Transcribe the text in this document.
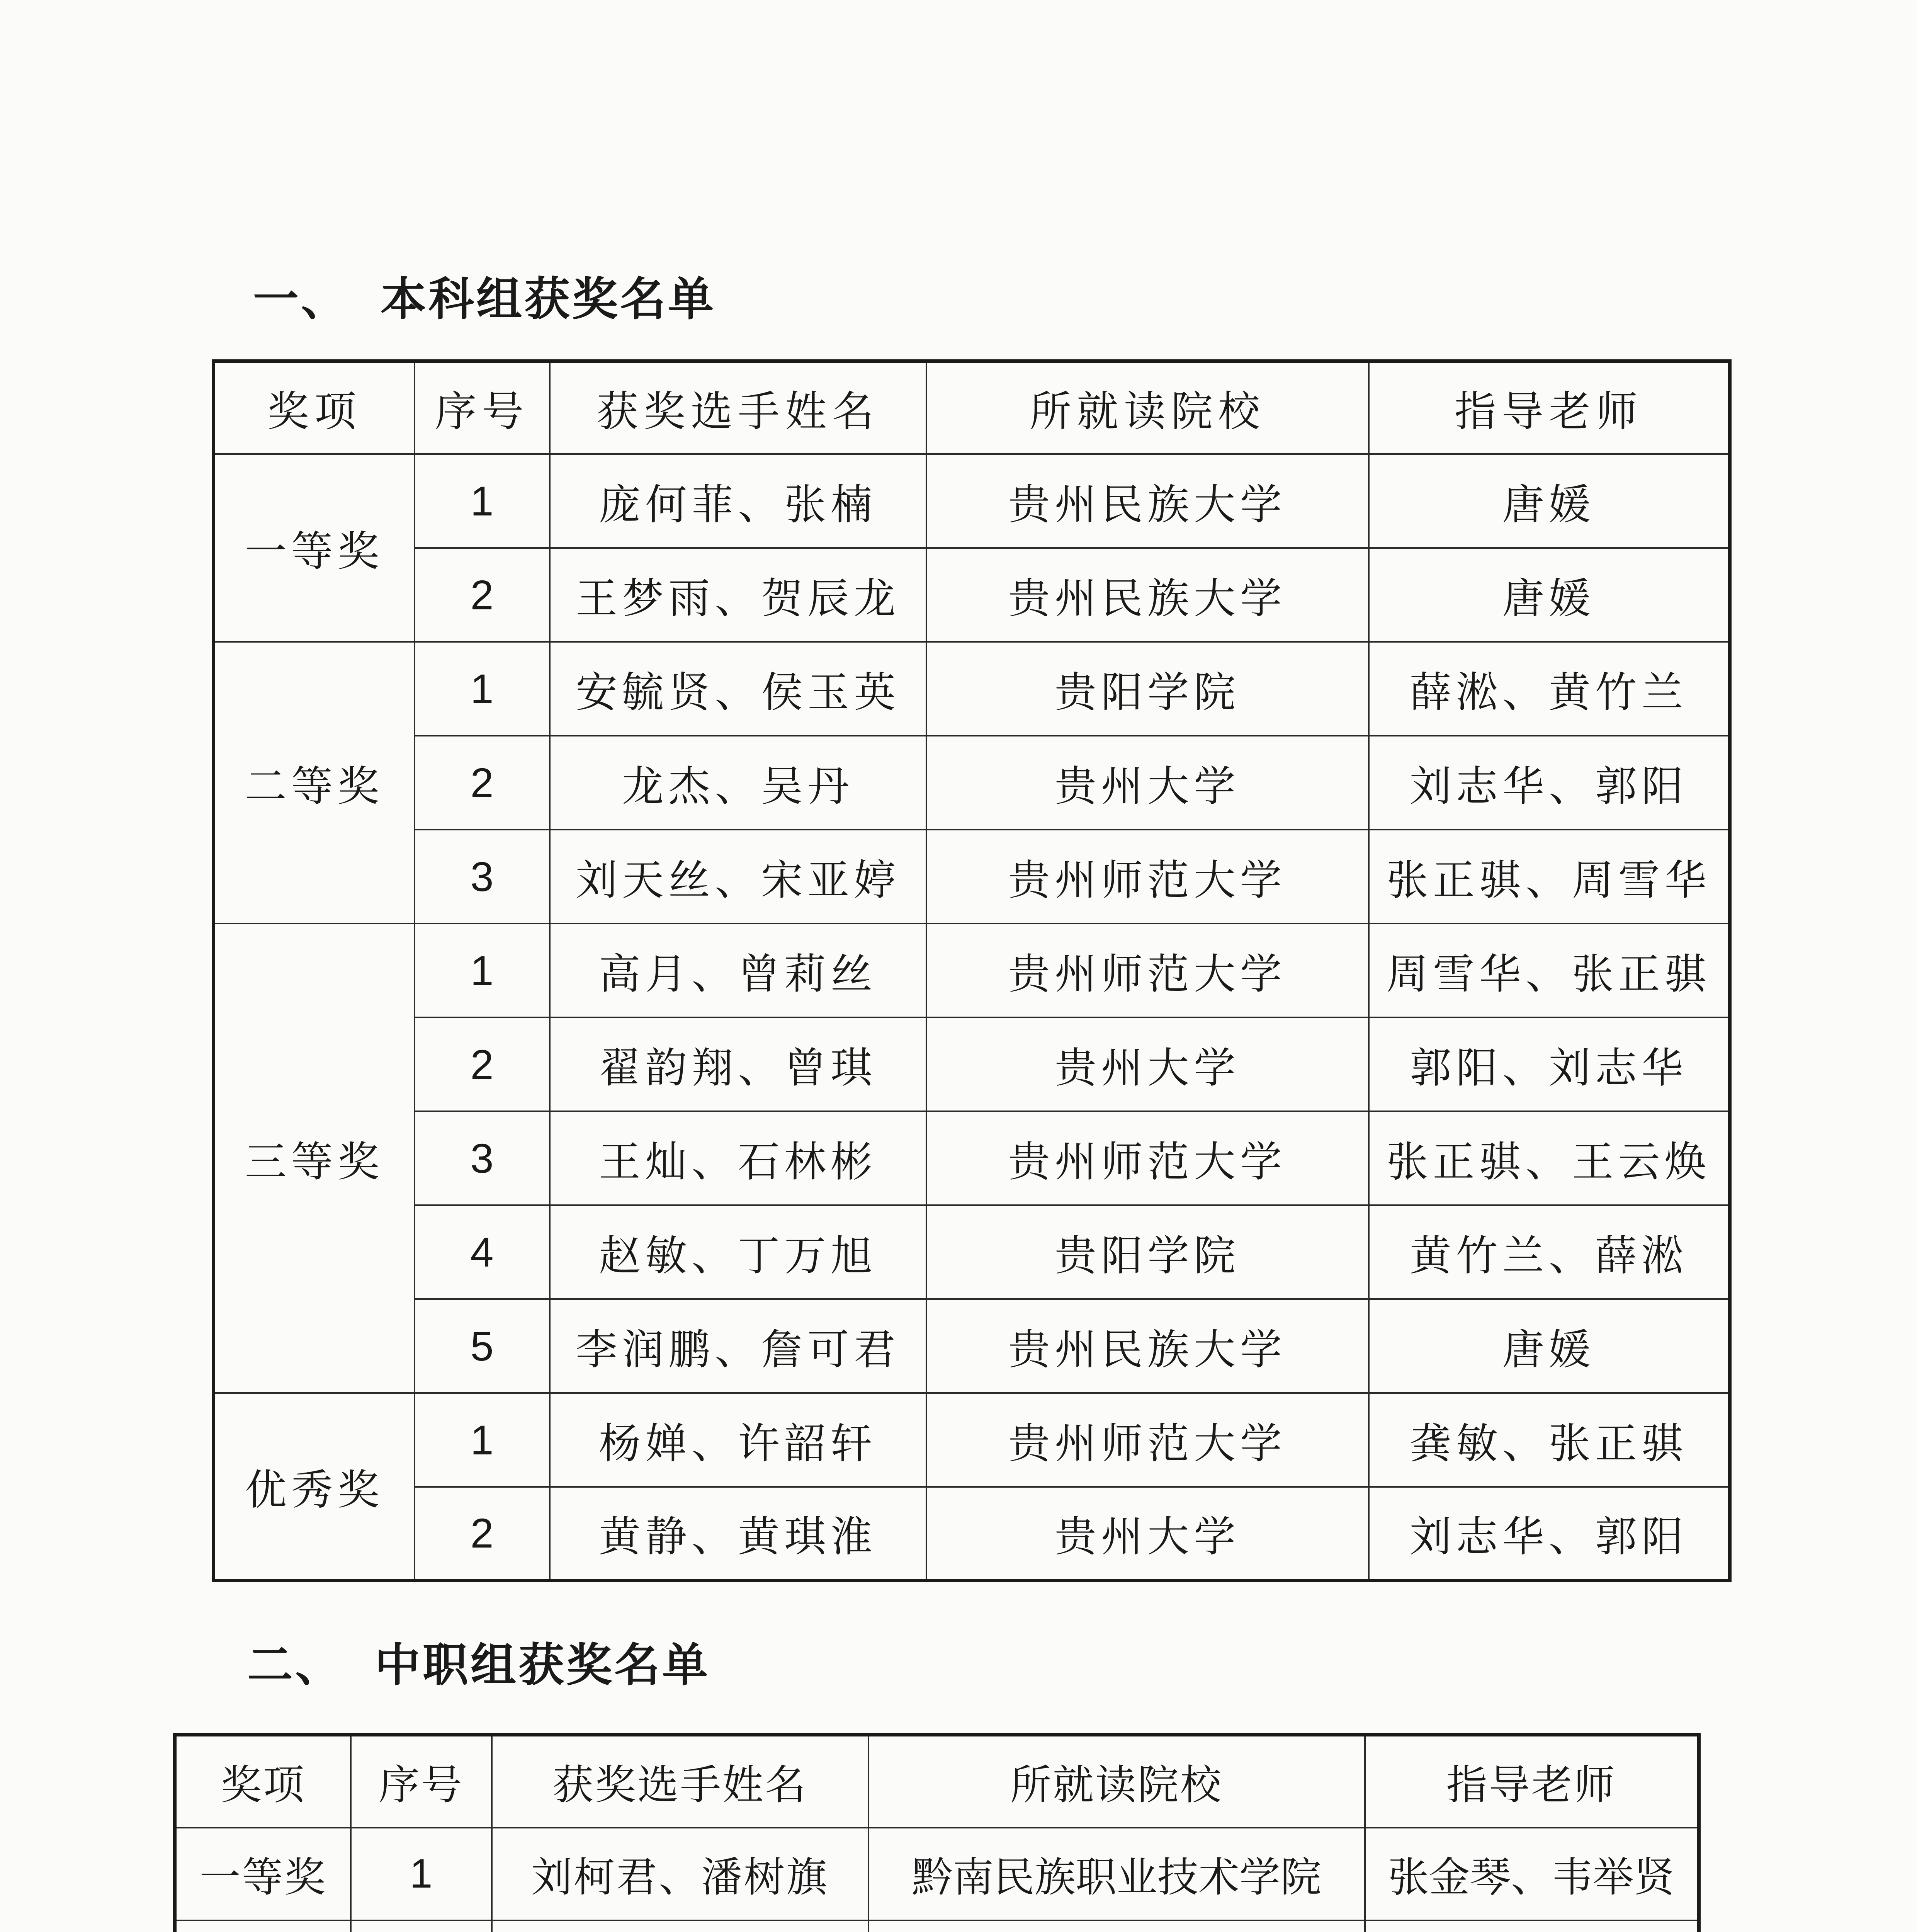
一、 本科组获奖名单
奖项	序号	获奖选手姓名	所就读院校	指导老师
一等奖	1	庞何菲、张楠	贵州民族大学	唐媛
	2	王梦雨、贺辰龙	贵州民族大学	唐媛
二等奖	1	安毓贤、侯玉英	贵阳学院	薛淞、黄竹兰
	2	龙杰、吴丹	贵州大学	刘志华、郭阳
	3	刘天丝、宋亚婷	贵州师范大学	张正骐、周雪华
三等奖	1	高月、曾莉丝	贵州师范大学	周雪华、张正骐
	2	翟韵翔、曾琪	贵州大学	郭阳、刘志华
	3	王灿、石林彬	贵州师范大学	张正骐、王云焕
	4	赵敏、丁万旭	贵阳学院	黄竹兰、薛淞
	5	李润鹏、詹可君	贵州民族大学	唐媛
优秀奖	1	杨婵、许韶轩	贵州师范大学	龚敏、张正骐
	2	黄静、黄琪淮	贵州大学	刘志华、郭阳
二、 中职组获奖名单
奖项	序号	获奖选手姓名	所就读院校	指导老师
一等奖	1	刘柯君、潘树旗	黔南民族职业技术学院	张金琴、韦举贤
